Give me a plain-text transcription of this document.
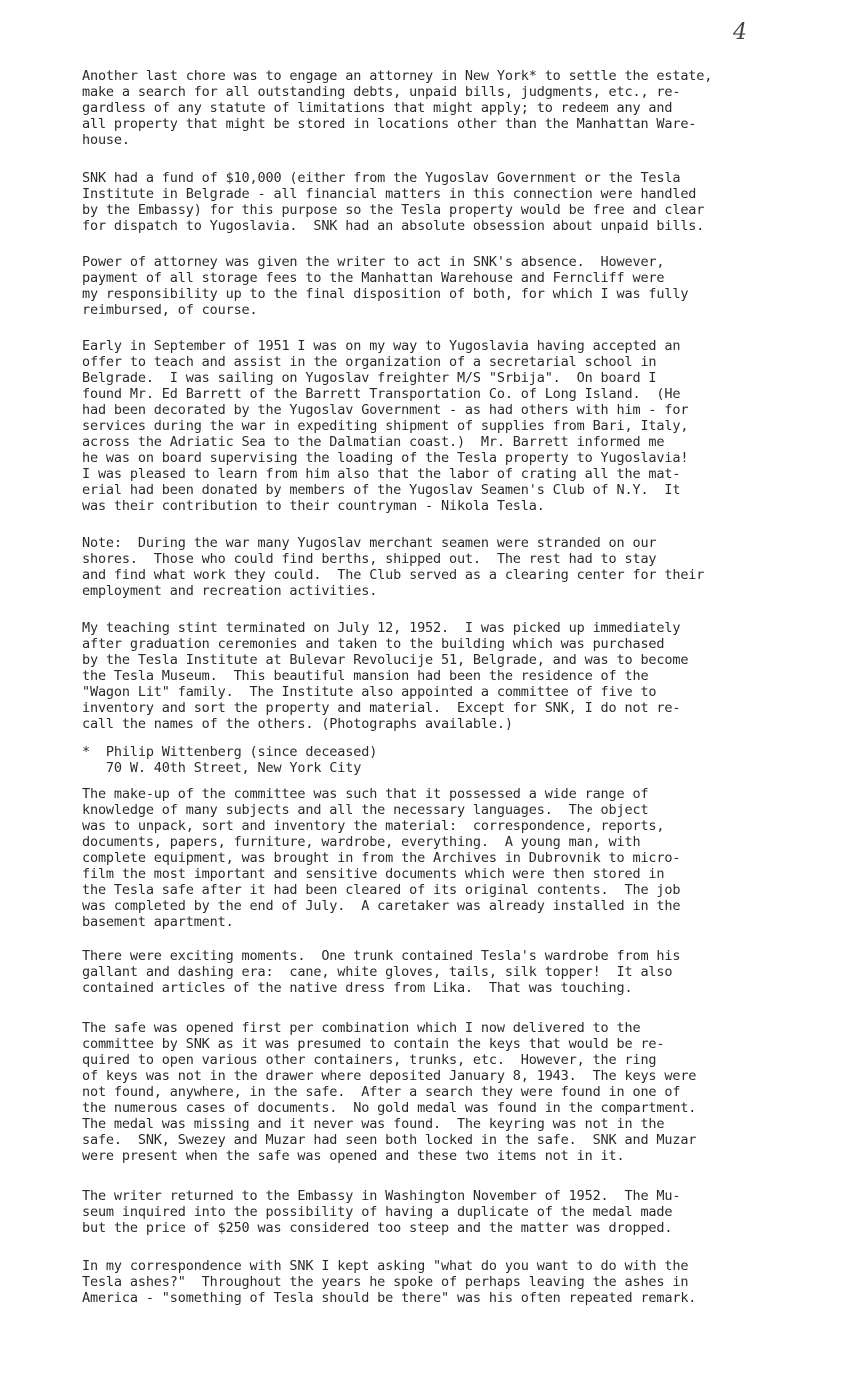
4

Another last chore was to engage an attorney in New York* to settle the estate,
make a search for all outstanding debts, unpaid bills, judgments, etc., re-
gardless of any statute of limitations that might apply; to redeem any and
all property that might be stored in locations other than the Manhattan Ware-
house.

SNK had a fund of $10,000 (either from the Yugoslav Government or the Tesla
Institute in Belgrade - all financial matters in this connection were handled
by the Embassy) for this purpose so the Tesla property would be free and clear
for dispatch to Yugoslavia.  SNK had an absolute obsession about unpaid bills.

Power of attorney was given the writer to act in SNK's absence.  However,
payment of all storage fees to the Manhattan Warehouse and Ferncliff were
my responsibility up to the final disposition of both, for which I was fully
reimbursed, of course.

Early in September of 1951 I was on my way to Yugoslavia having accepted an
offer to teach and assist in the organization of a secretarial school in
Belgrade.  I was sailing on Yugoslav freighter M/S "Srbija".  On board I
found Mr. Ed Barrett of the Barrett Transportation Co. of Long Island.  (He
had been decorated by the Yugoslav Government - as had others with him - for
services during the war in expediting shipment of supplies from Bari, Italy,
across the Adriatic Sea to the Dalmatian coast.)  Mr. Barrett informed me
he was on board supervising the loading of the Tesla property to Yugoslavia!
I was pleased to learn from him also that the labor of crating all the mat-
erial had been donated by members of the Yugoslav Seamen's Club of N.Y.  It
was their contribution to their countryman - Nikola Tesla.

Note:  During the war many Yugoslav merchant seamen were stranded on our
shores.  Those who could find berths, shipped out.  The rest had to stay
and find what work they could.  The Club served as a clearing center for their
employment and recreation activities.

My teaching stint terminated on July 12, 1952.  I was picked up immediately
after graduation ceremonies and taken to the building which was purchased
by the Tesla Institute at Bulevar Revolucije 51, Belgrade, and was to become
the Tesla Museum.  This beautiful mansion had been the residence of the
"Wagon Lit" family.  The Institute also appointed a committee of five to
inventory and sort the property and material.  Except for SNK, I do not re-
call the names of the others. (Photographs available.)

*  Philip Wittenberg (since deceased)
70 W. 40th Street, New York City

The make-up of the committee was such that it possessed a wide range of
knowledge of many subjects and all the necessary languages.  The object
was to unpack, sort and inventory the material:  correspondence, reports,
documents, papers, furniture, wardrobe, everything.  A young man, with
complete equipment, was brought in from the Archives in Dubrovnik to micro-
film the most important and sensitive documents which were then stored in
the Tesla safe after it had been cleared of its original contents.  The job
was completed by the end of July.  A caretaker was already installed in the
basement apartment.

There were exciting moments.  One trunk contained Tesla's wardrobe from his
gallant and dashing era:  cane, white gloves, tails, silk topper!  It also
contained articles of the native dress from Lika.  That was touching.

The safe was opened first per combination which I now delivered to the
committee by SNK as it was presumed to contain the keys that would be re-
quired to open various other containers, trunks, etc.  However, the ring
of keys was not in the drawer where deposited January 8, 1943.  The keys were
not found, anywhere, in the safe.  After a search they were found in one of
the numerous cases of documents.  No gold medal was found in the compartment.
The medal was missing and it never was found.  The keyring was not in the
safe.  SNK, Swezey and Muzar had seen both locked in the safe.  SNK and Muzar
were present when the safe was opened and these two items not in it.

The writer returned to the Embassy in Washington November of 1952.  The Mu-
seum inquired into the possibility of having a duplicate of the medal made
but the price of $250 was considered too steep and the matter was dropped.

In my correspondence with SNK I kept asking "what do you want to do with the
Tesla ashes?"  Throughout the years he spoke of perhaps leaving the ashes in
America - "something of Tesla should be there" was his often repeated remark.
